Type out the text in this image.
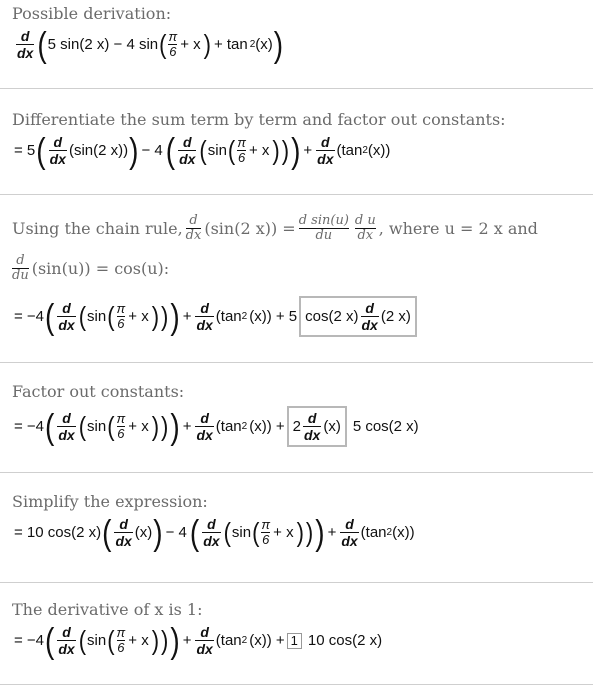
Possible derivation:
$\frac{d}{dx}$ ( 5 sin(2 x) − 4 sin ( $\frac{\pi}{6} + x$ ) + tan 2 (x) )
Differentiate the sum term by term and factor out constants:
= 5 ( $\frac{d}{dx} (\sin(2$ x)) ) − 4 ( $\frac{d}{dx}$ ( sin ( $\frac{\pi}{6} + x$ ) ) ) + $\frac{d}{dx} (\tan$ 2 (x))
Using the chain rule, $\frac{d}{dx} (\sin(2$ $x)) = \frac{\text{d sin(u)}}{du} \frac{\text{d u}}{dx}$ , where u = 2 x and
$\frac{d}{du} (\sin(u)) = \cos(u)$:
= −4 ( $\frac{d}{dx}$ ( sin ( $\frac{\pi}{6} + x$ ) ) ) + $\frac{d}{dx} (\tan$ 2 (x)) + 5 cos(2 $x) \frac{d}{dx} (2$ x)
Factor out constants:
= −4 ( $\frac{d}{dx}$ ( sin ( $\frac{\pi}{6} + x$ ) ) ) + $\frac{d}{dx} (\tan$ 2 $(x)) + 2 \frac{d}{dx} (x)$ 5 cos(2 x)
Simplify the expression:
= 10 cos(2 x) ( $\frac{d}{dx} (x)$ ) − 4 ( $\frac{d}{dx}$ ( sin ( $\frac{\pi}{6} + x$ ) ) ) + $\frac{d}{dx} (\tan$ 2 (x))
The derivative of x is 1:
= −4 ( $\frac{d}{dx}$ ( sin ( $\frac{\pi}{6} + x$ ) ) ) + $\frac{d}{dx} (\tan$ 2 (x)) + 1 10 cos(2 x)
